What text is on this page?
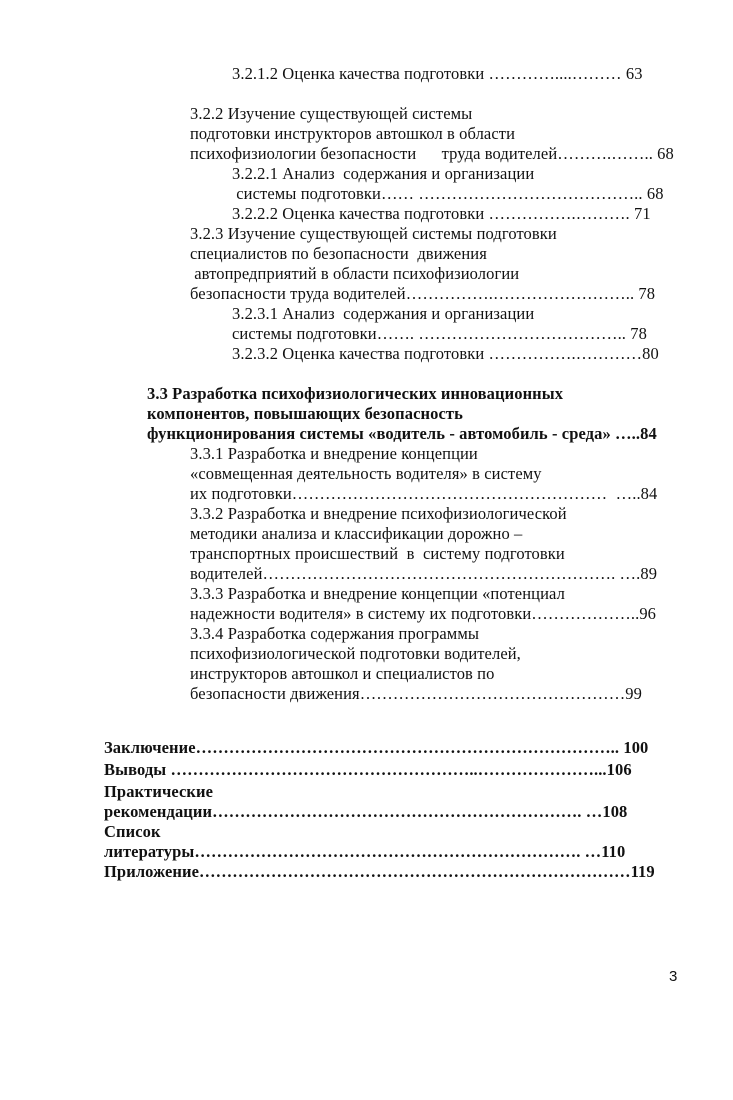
3.2.1.2 Оценка качества подготовки …………....……… 63
3.2.2 Изучение существующей системы
подготовки инструкторов автошкол в области
психофизиологии безопасности      труда водителей……….…….. 68
3.2.2.1 Анализ  содержания и организации
системы подготовки…… ………………………………….. 68
3.2.2.2 Оценка качества подготовки …………….………. 71
3.2.3 Изучение существующей системы подготовки
специалистов по безопасности  движения
автопредприятий в области психофизиологии
безопасности труда водителей…………….…………………….. 78
3.2.3.1 Анализ  содержания и организации
системы подготовки……. ……………………………….. 78
3.2.3.2 Оценка качества подготовки …………….…………80
3.3 Разработка психофизиологических инновационных
компонентов, повышающих безопасность
функционирования системы «водитель - автомобиль - среда» …..84
3.3.1 Разработка и внедрение концепции
«совмещенная деятельность водителя» в систему
их подготовки…………………………………………………  …..84
3.3.2 Разработка и внедрение психофизиологической
методики анализа и классификации дорожно –
транспортных происшествий  в  систему подготовки
водителей………………………………………………………. ….89
3.3.3 Разработка и внедрение концепции «потенциал
надежности водителя» в систему их подготовки………………..96
3.3.4 Разработка содержания программы
психофизиологической подготовки водителей,
инструкторов автошкол и специалистов по
безопасности движения…………………………………………99
Заключение………………………………………………………………….. 100
Выводы ………………………………………………..…………………...106
Практические
рекомендации…………………………………………………………. …108
Список
литературы……………………………………………………………. …110
Приложение……………………………………………………………………119
3
